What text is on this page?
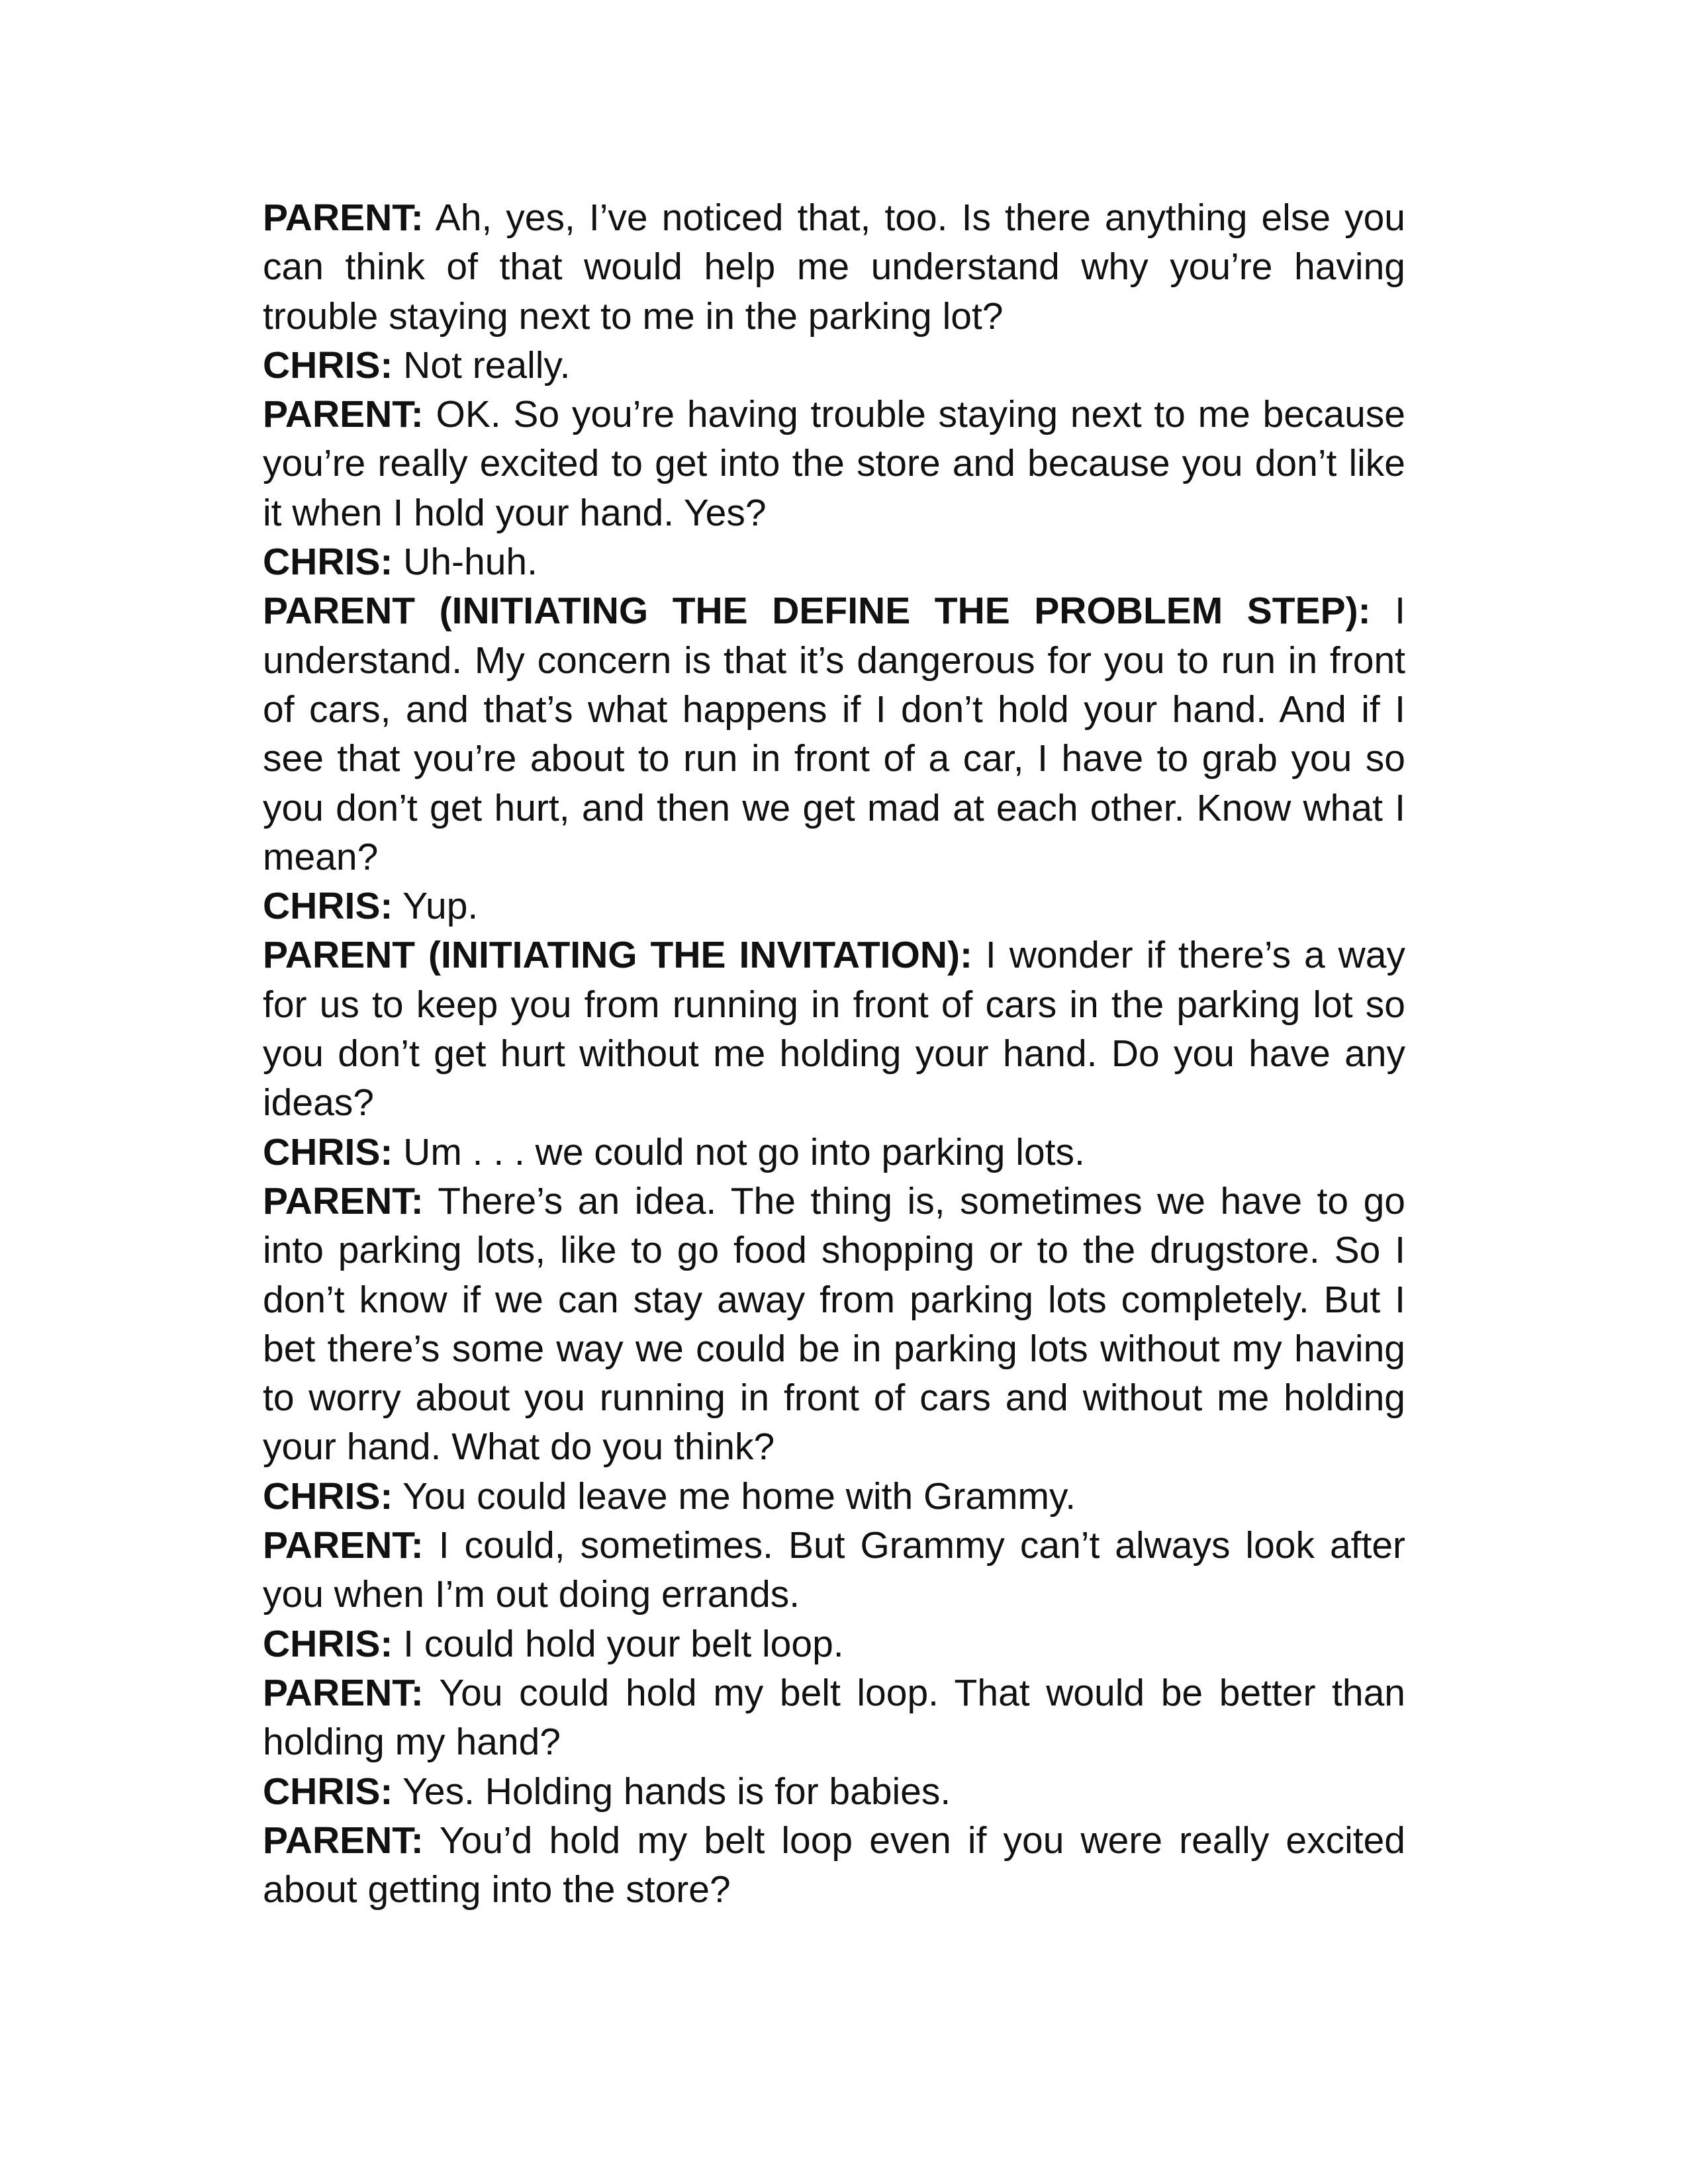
PARENT: Ah, yes, I’ve noticed that, too. Is there anything else you can think of that would help me understand why you’re having trouble staying next to me in the parking lot?

CHRIS: Not really.

PARENT: OK. So you’re having trouble staying next to me because you’re really excited to get into the store and because you don’t like it when I hold your hand. Yes?

CHRIS: Uh-huh.

PARENT (INITIATING THE DEFINE THE PROBLEM STEP): I understand. My concern is that it’s dangerous for you to run in front of cars, and that’s what happens if I don’t hold your hand. And if I see that you’re about to run in front of a car, I have to grab you so you don’t get hurt, and then we get mad at each other. Know what I mean?

CHRIS: Yup.

PARENT (INITIATING THE INVITATION): I wonder if there’s a way for us to keep you from running in front of cars in the parking lot so you don’t get hurt without me holding your hand. Do you have any ideas?

CHRIS: Um . . . we could not go into parking lots.

PARENT: There’s an idea. The thing is, sometimes we have to go into parking lots, like to go food shopping or to the drugstore. So I don’t know if we can stay away from parking lots completely. But I bet there’s some way we could be in parking lots without my having to worry about you running in front of cars and without me holding your hand. What do you think?

CHRIS: You could leave me home with Grammy.

PARENT: I could, sometimes. But Grammy can’t always look after you when I’m out doing errands.

CHRIS: I could hold your belt loop.

PARENT: You could hold my belt loop. That would be better than holding my hand?

CHRIS: Yes. Holding hands is for babies.

PARENT: You’d hold my belt loop even if you were really excited about getting into the store?
